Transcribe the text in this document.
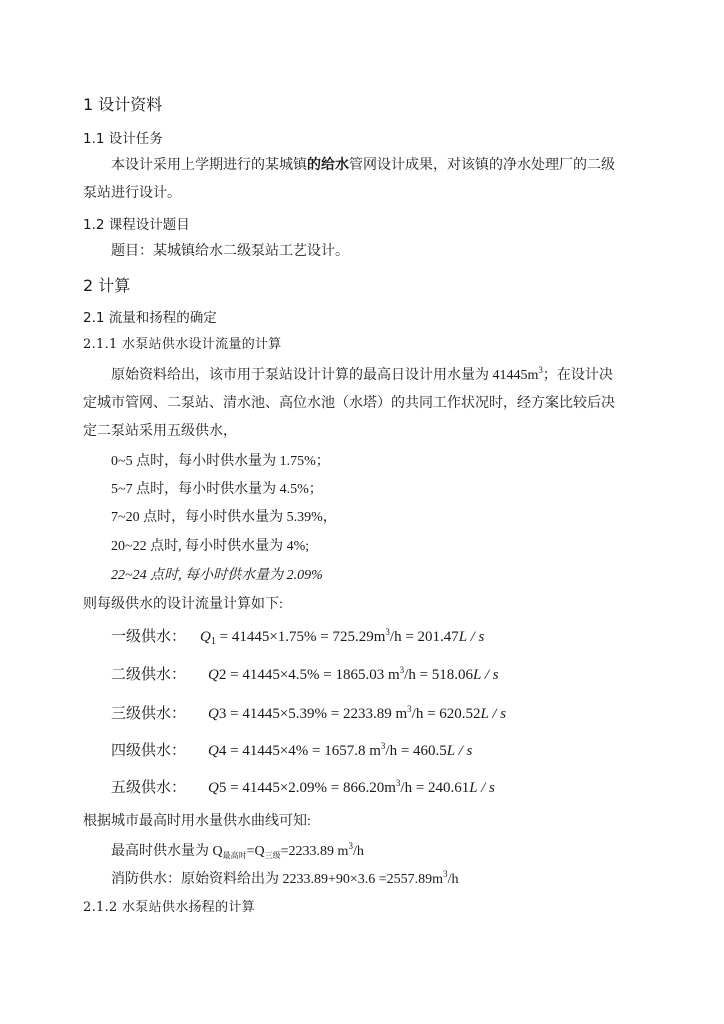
1 设计资料
1.1 设计任务
本设计采用上学期进行的某城镇的给水管网设计成果，对该镇的净水处理厂的二级
泵站进行设计。
1.2 课程设计题目
题目：某城镇给水二级泵站工艺设计。
2 计算
2.1 流量和扬程的确定
2.1.1 水泵站供水设计流量的计算
原始资料给出，该市用于泵站设计计算的最高日设计用水量为 $41445m^3$；在设计决
定城市管网、二泵站、清水池、高位水池（水塔）的共同工作状况时，经方案比较后决
定二泵站采用五级供水，
0~5 点时，每小时供水量为 1.75%；
5~7 点时，每小时供水量为 4.5%；
7~20 点时，每小时供水量为 5.39%，
20~22 点时, 每小时供水量为 4%;
22~24 点时, 每小时供水量为 2.09%
则每级供水的设计流量计算如下:
一级供水： $Q_1 = 41445\times 1.75\% = 725.29m^3/h = 201.47L / s$
二级供水： Q2 = 41445×4.5% = 1865.03 $m^3/h = 518.06L / s$
三级供水： Q3 = 41445×5.39% = 2233.89 $m^3/h = 620.52L / s$
四级供水： Q4 = 41445×4% = 1657.8 $m^3/h = 460.5L / s$
五级供水： $Q5 = 41445\times 2.09\% = 866.20m^3/h = 240.61L / s$
根据城市最高时用水量供水曲线可知:
最高时供水量为 $Q_{最高时}=Q_{三级}=2233.89$ $m^3/h$
消防供水：原始资料给出为 $2233.89+90\times 3.6 =2557.89m^3/h$
2.1.2 水泵站供水扬程的计算
